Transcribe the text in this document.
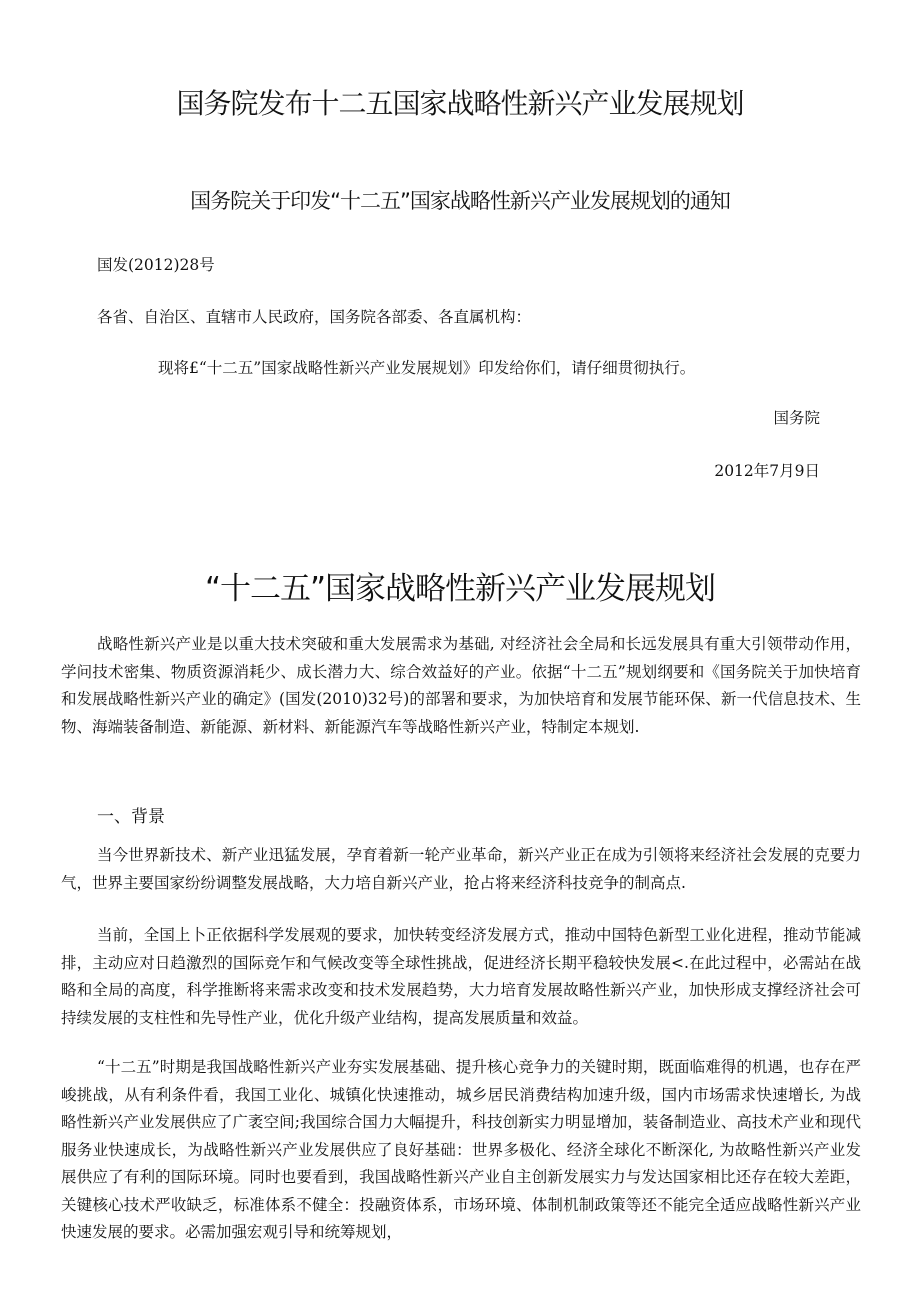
国务院发布十二五国家战略性新兴产业发展规划
国务院关于印发“十二五”国家战略性新兴产业发展规划的通知
国发(2012)28号
各省、自治区、直辖市人民政府，国务院各部委、各直属机构：
现将£“十二五”国家战略性新兴产业发展规划》印发给你们，请仔细贯彻执行。
国务院
2012年7月9日
“十二五”国家战略性新兴产业发展规划

战略性新兴产业是以重大技术突破和重大发展需求为基础, 对经济社会全局和长远发展具有重大引领带动作用，学问技术密集、物质资源消耗少、成长潜力大、综合效益好的产业。依据“十二五”规划纲要和《国务院关于加快培育和发展战略性新兴产业的确定》(国发(2010)32号)的部署和要求，为加快培育和发展节能环保、新一代信息技术、生物、海端装备制造、新能源、新材料、新能源汽车等战略性新兴产业，特制定本规划.

一、背景

当今世界新技术、新产业迅猛发展，孕育着新一轮产业革命，新兴产业正在成为引领将来经济社会发展的克要力气，世界主要国家纷纷调整发展战略，大力培自新兴产业，抢占将来经济科技竞争的制高点.

当前，全国上卜正依据科学发展观的要求，加快转变经济发展方式，推动中国特色新型工业化进程，推动节能减排，主动应对日趋激烈的国际竞乍和气候改变等全球性挑战，促进经济长期平稳较快发展<.在此过程中，必需站在战略和全局的高度，科学推断将来需求改变和技术发展趋势，大力培育发展故略性新兴产业，加快形成支撑经济社会可持续发展的支柱性和先导性产业，优化升级产业结构，提高发展质量和效益。

“十二五”时期是我国战略性新兴产业夯实发展基础、提升核心竞争力的关键时期，既面临难得的机遇，也存在严峻挑战，从有利条件看，我国工业化、城镇化快速推动，城乡居民消费结构加速升级，国内市场需求快速增长, 为战略性新兴产业发展供应了广袤空间;我国综合国力大幅提升，科技创新实力明显增加，装备制造业、高技术产业和现代服务业快速成长，为战略性新兴产业发展供应了良好基础：世界多极化、经济全球化不断深化, 为故略性新兴产业发展供应了有利的国际环境。同时也要看到，我国战略性新兴产业自主创新发展实力与发达国家相比还存在较大差距，关键核心技术严收缺乏，标准体系不健全：投融资体系，市场环境、体制机制政策等还不能完全适应战略性新兴产业快速发展的要求。必需加强宏观引导和统筹规划，
